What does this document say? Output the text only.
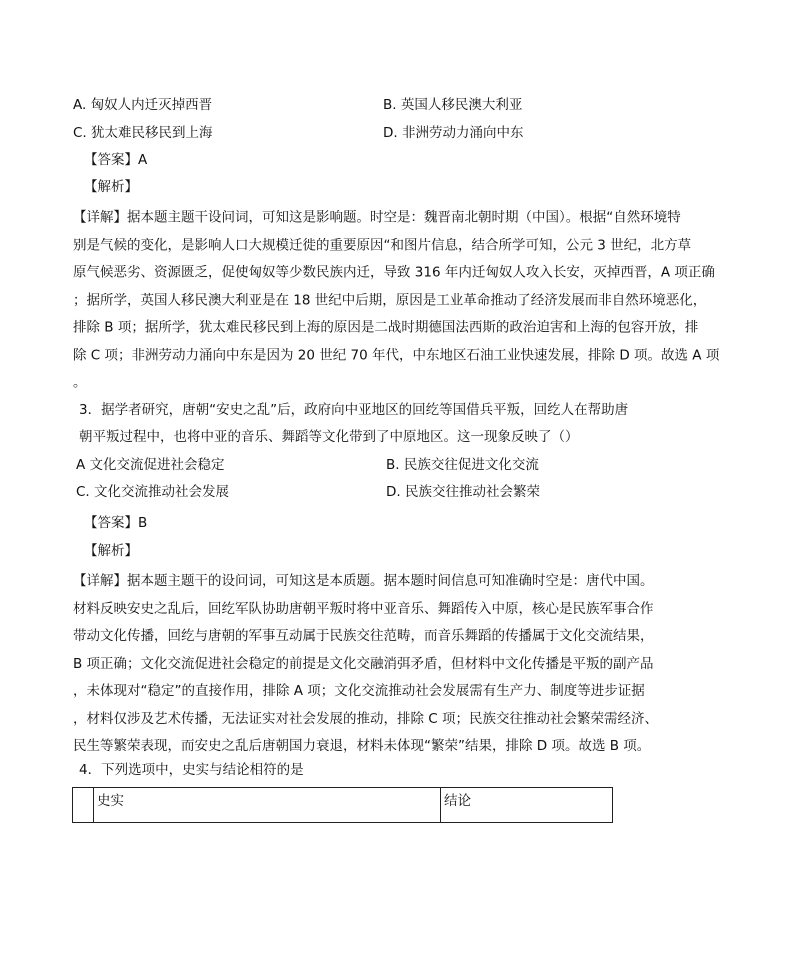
A. 匈奴人内迁灭掉西晋	B. 英国人移民澳大利亚
C. 犹太难民移民到上海	D. 非洲劳动力涌向中东
【答案】A
【解析】
【详解】据本题主题干设问词，可知这是影响题。时空是：魏晋南北朝时期（中国）。根据“自然环境特
别是气候的变化，是影响人口大规模迁徙的重要原因“和图片信息，结合所学可知，公元 3 世纪，北方草
原气候恶劣、资源匮乏，促使匈奴等少数民族内迁，导致 316 年内迁匈奴人攻入长安，灭掉西晋，A 项正确
；据所学，英国人移民澳大利亚是在 18 世纪中后期，原因是工业革命推动了经济发展而非自然环境恶化，
排除 B 项；据所学，犹太难民移民到上海的原因是二战时期德国法西斯的政治迫害和上海的包容开放，排
除 C 项；非洲劳动力涌向中东是因为 20 世纪 70 年代，中东地区石油工业快速发展，排除 D 项。故选 A 项
。
3．据学者研究，唐朝“安史之乱”后，政府向中亚地区的回纥等国借兵平叛，回纥人在帮助唐
朝平叛过程中，也将中亚的音乐、舞蹈等文化带到了中原地区。这一现象反映了（）
A 文化交流促进社会稳定	B. 民族交往促进文化交流
C. 文化交流推动社会发展	D. 民族交往推动社会繁荣
【答案】B
【解析】
【详解】据本题主题干的设问词，可知这是本质题。据本题时间信息可知准确时空是：唐代中国。
材料反映安史之乱后，回纥军队协助唐朝平叛时将中亚音乐、舞蹈传入中原，核心是民族军事合作
带动文化传播，回纥与唐朝的军事互动属于民族交往范畴，而音乐舞蹈的传播属于文化交流结果，
B 项正确；文化交流促进社会稳定的前提是文化交融消弭矛盾，但材料中文化传播是平叛的副产品
，未体现对“稳定”的直接作用，排除 A 项；文化交流推动社会发展需有生产力、制度等进步证据
，材料仅涉及艺术传播，无法证实对社会发展的推动，排除 C 项；民族交往推动社会繁荣需经济、
民生等繁荣表现，而安史之乱后唐朝国力衰退，材料未体现“繁荣”结果，排除 D 项。故选 B 项。
4．下列选项中，史实与结论相符的是
	史实	结论
